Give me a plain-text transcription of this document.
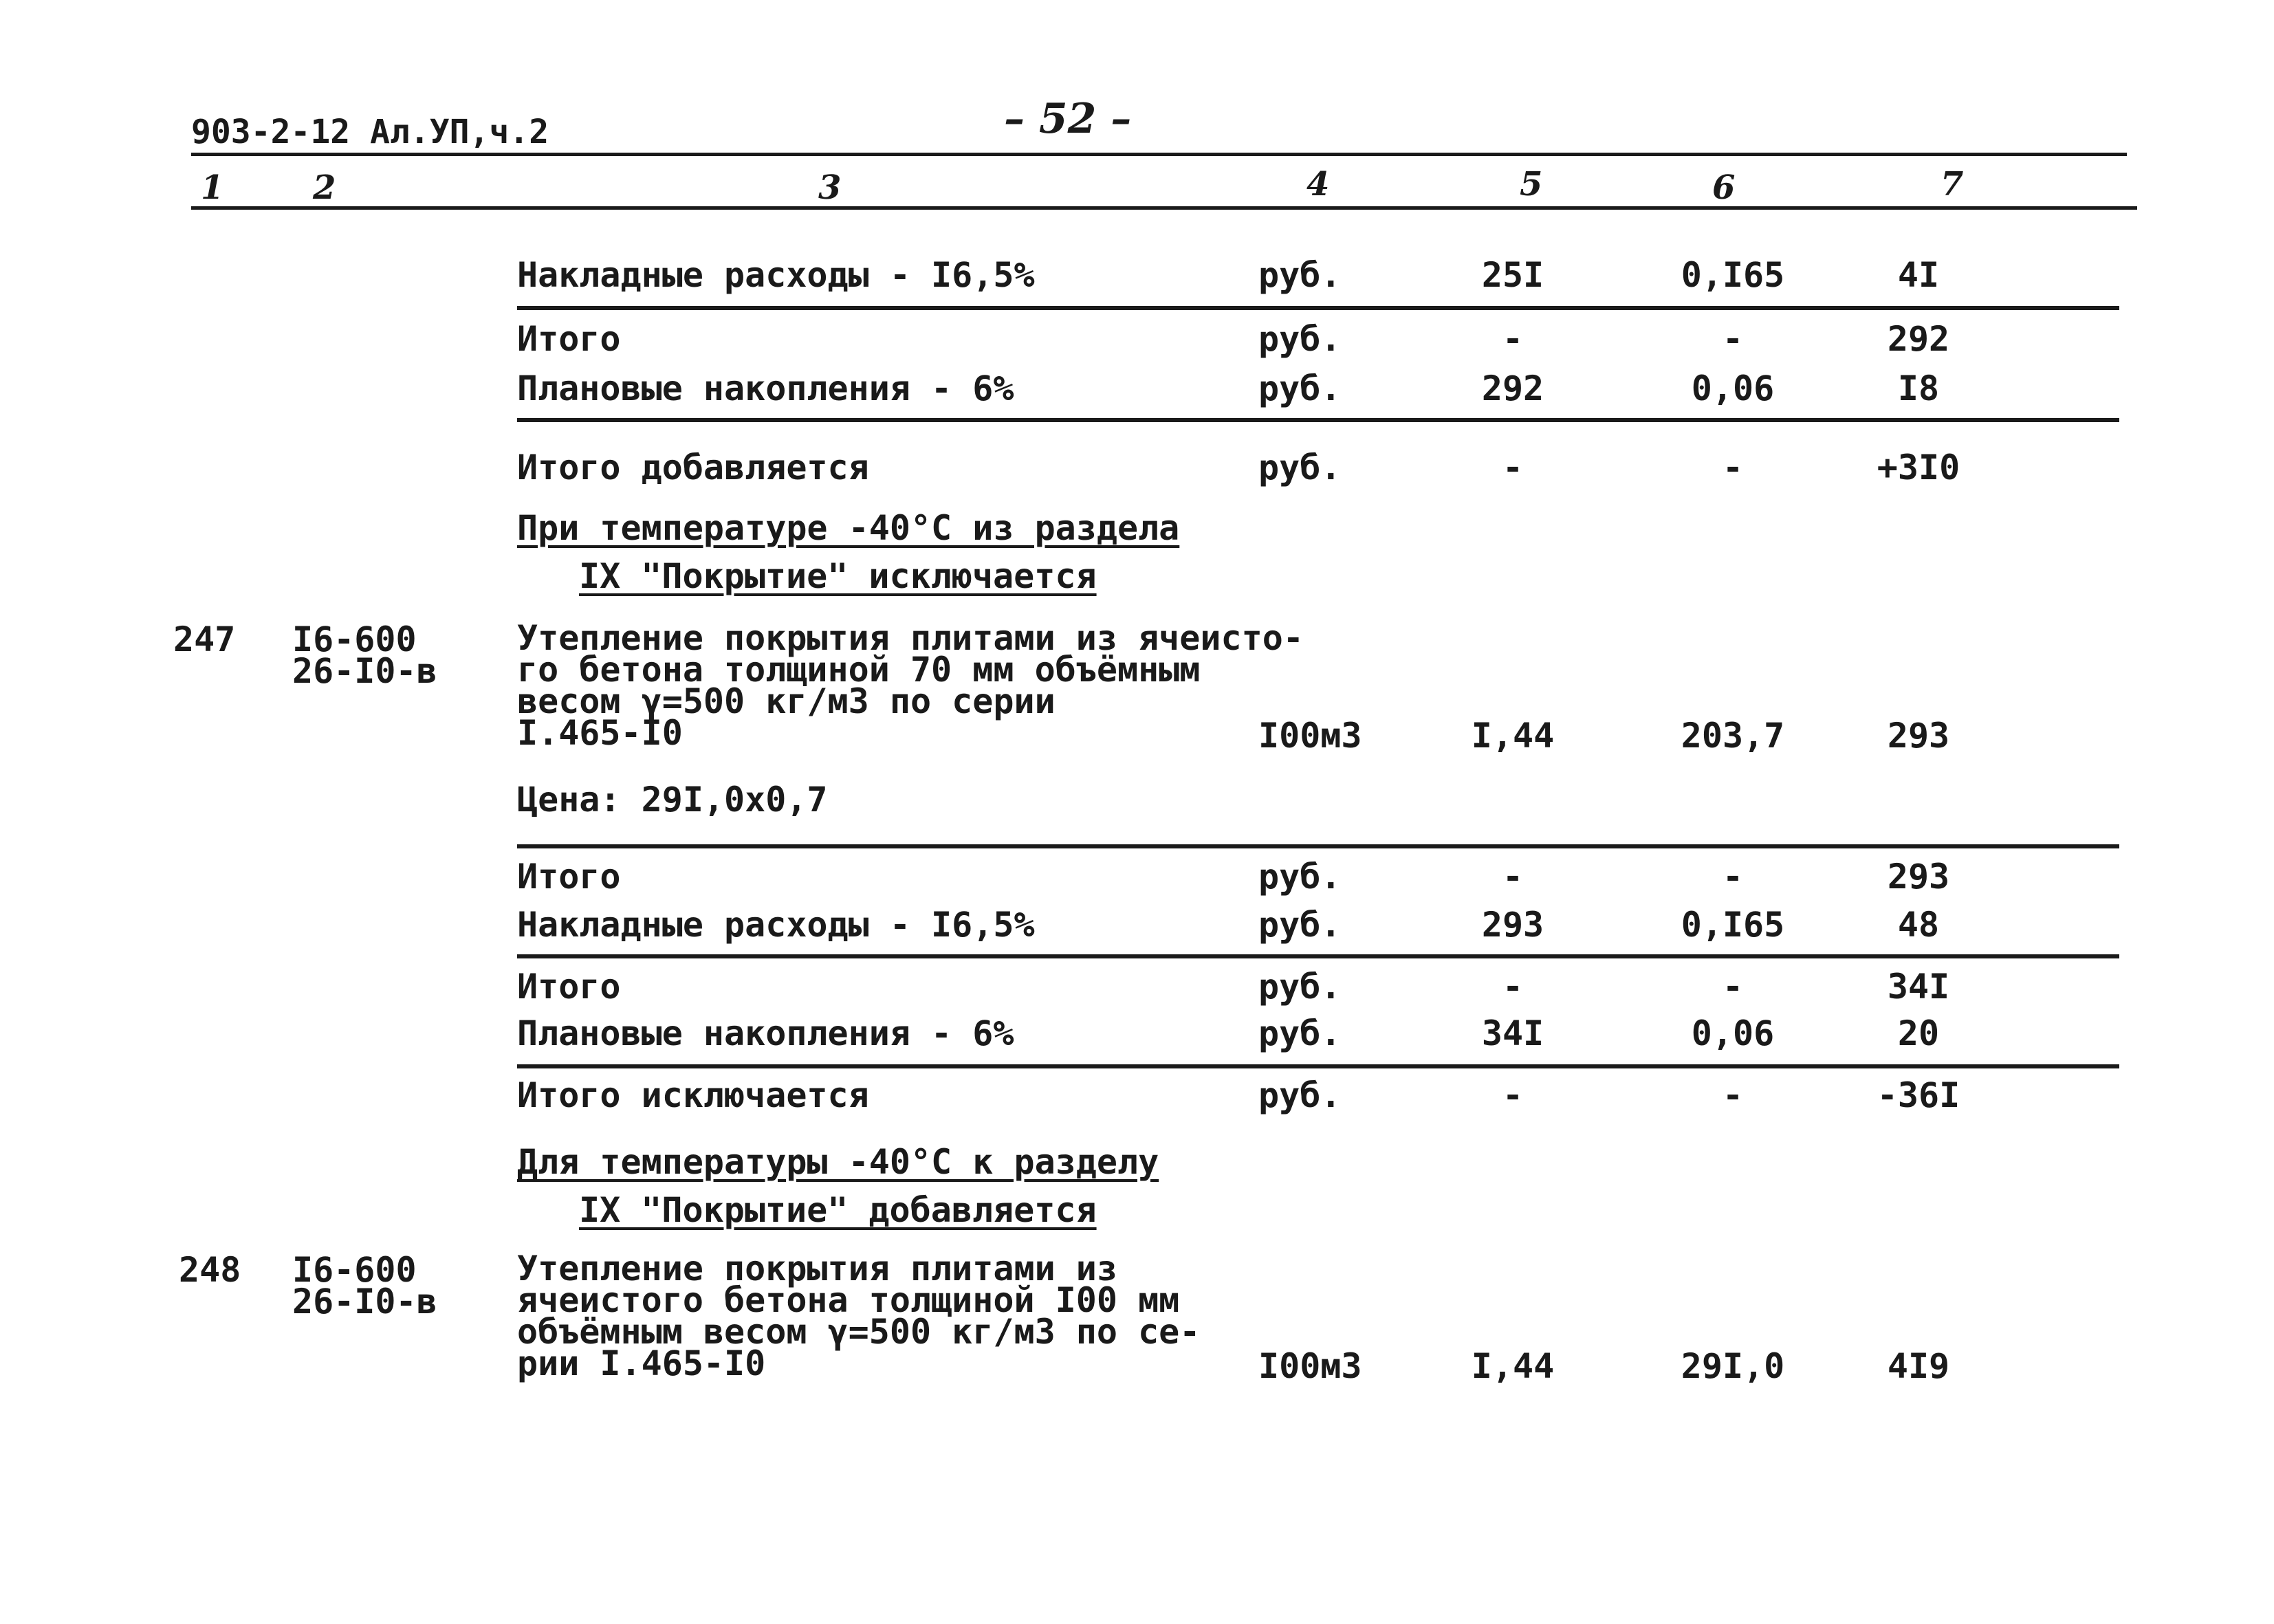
903-2-12 Ал.УП,ч.2	– 52 –
1	2	3	4	5	6	7
Накладные расходы - I6,5%	руб.	25I	0,I65	4I
Итого	руб.	-	-	292
Плановые накопления - 6%	руб.	292	0,06	I8
Итого добавляется	руб.	-	-	+3I0
При температуре -40°С из раздела
IX "Покрытие" исключается
247 I6-600
26-I0-в
Утепление покрытия плитами из ячеисто-
го бетона толщиной 70 мм объёмным
весом γ=500 кг/м3 по серии
I.465-I0	I00м3	I,44	203,7	293
Цена: 29I,0х0,7
Итого	руб.	-	-	293
Накладные расходы - I6,5%	руб.	293	0,I65	48
Итого	руб.	-	-	34I
Плановые накопления - 6%	руб.	34I	0,06	20
Итого исключается	руб.	-	-	-36I
Для температуры -40°С к разделу
IX "Покрытие" добавляется
248 I6-600
26-I0-в
Утепление покрытия плитами из
ячеистого бетона толщиной I00 мм
объёмным весом γ=500 кг/м3 по се-
рии I.465-I0	I00м3	I,44	29I,0	4I9
